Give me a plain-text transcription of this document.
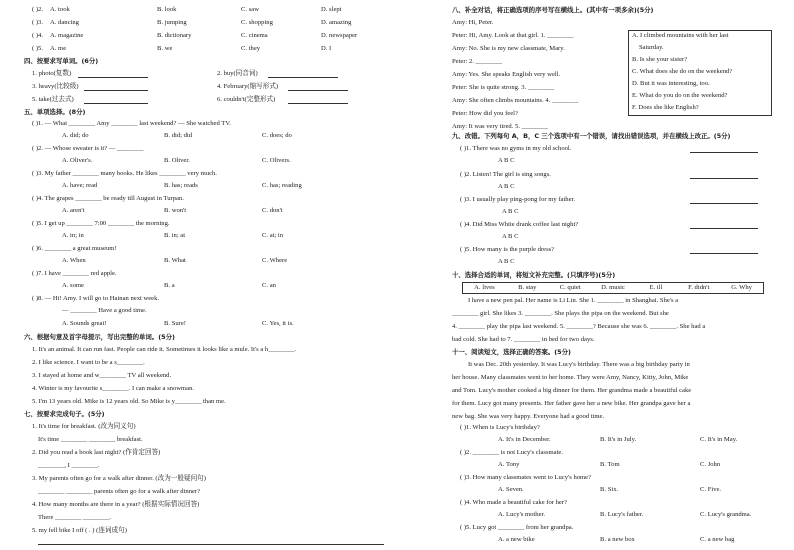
( )2. A. took	B. look	C. saw	D. slept
( )3. A. dancing	B. jumping	C. shopping	D. amazing
( )4. A. magazine	B. dictionary	C. cinema	D. newspaper
( )5. A. me	B. we	C. they	D. I
四、按要求写单词。(6分)
1. photo(复数)	2. buy(同音词)
3. heavy(比较级)	4. February(缩写形式)
5. take(过去式)	6. couldn't(完整形式)
五、单项选择。(8分)
( )1. — What ________ Amy ________ last weekend? — She watched TV.
A. did; do	B. did; did	C. does; do
( )2. — Whose sweater is it? — ________
A. Oliver's.	B. Oliver.	C. Olivers.
( )3. My father ________ many books. He likes ________ very much.
A. have; read	B. has; reads	C. has; reading
( )4. The grapes ________ be ready till August in Turpan.
A. aren't	B. won't	C. don't
( )5. I get up ________ 7:00 ________ the morning.
A. in; in	B. in; at	C. at; in
( )6. ________ a great museum!
A. When	B. What	C. Where
( )7. I have ________ red apple.
A. some	B. a	C. an
( )8. — Hi! Amy. I will go to Hainan next week.
— ________ Have a good time.
A. Sounds great!	B. Sure!	C. Yes, it is.
六、根据句意及首字母提示，写出完整的单词。(5分)
1. It's an animal. It can run fast. People can ride it. Sometimes it looks like a mule. It's a h________.
2. I like science. I want to be a s________.
3. I stayed at home and w________ TV all weekend.
4. Winter is my favourite s________. I can make a snowman.
5. I'm 13 years old. Mike is 12 years old. So Mike is y________ than me.
七、按要求完成句子。(5分)
1. It's time for breakfast. (改为同义句)
It's time ________ ________ breakfast.
2. Did you read a book last night? (作肯定回答)
________, I ________.
3. My parents often go for a walk after dinner. (改为一般疑问句)
________ ________ parents often go for a walk after dinner?
4. How many months are there in a year? (根据实际情况回答)
There ________ ________.
5. my fell bike I off ( . ) (连词成句)
八、补全对话，将正确选项的序号写在横线上。(其中有一项多余)(5分)
Amy: Hi, Peter.
Peter: Hi, Amy. Look at that girl. 1. ________
Amy: No. She is my new classmate, Mary.
Peter: 2. ________
Amy: Yes. She speaks English very well.
Peter: She is quite strong. 3. ________
Amy: She often climbs mountains. 4. ________
Peter: How did you feel?
Amy: It was very tired. 5. ________
A. I climbed mountains with her last
Saturday.
B. Is she your sister?
C. What does she do on the weekend?
D. But it was interesting, too.
E. What do you do on the weekend?
F. Does she like English?
九、改错。下列每句 A，B，C 三个选项中有一个错误，请找出错误选项，并在横线上改正。(5分)
( )1. There was no gyms in my old school.
A B C
( )2. Listen! The girl is sing songs.
A B C
( )3. I usually play ping-pong for my father.
A B C
( )4. Did Miss White drank coffee last night?
A B C
( )5. How many is the purple dress?
A B C
十、选择合适的单词，将短文补充完整。(只填序号)(5分)
A. lives	B. stay	C. quiet	D. music	E. ill	F. didn't	G. Why
I have a new pen pal. Her name is Li Lin. She 1. ________ in Shanghai. She's a
________ girl. She likes 3. ________. She plays the pipa on the weekend. But she
4. ________ play the pipa last weekend. 5. ________? Because she was 6. ________. She had a
bad cold. She had to 7. ________ in bed for two days.
十一、阅读短文，选择正确的答案。(5分)
It was Dec. 20th yesterday. It was Lucy's birthday. There was a big birthday party in
her house. Many classmates went to her home. They were Amy, Nancy, Kitty, John, Mike
and Tom. Lucy's mother cooked a big dinner for them. Her grandma made a beautiful cake
for them. Lucy got many presents. Her father gave her a new bike. Her grandpa gave her a
new bag. She was very happy. Everyone had a good time.
( )1. When is Lucy's birthday?
A. It's in December.	B. It's in July.	C. It's in May.
( )2. ________ is not Lucy's classmate.
A. Tony	B. Tom	C. John
( )3. How many classmates went to Lucy's home?
A. Seven.	B. Six.	C. Five.
( )4. Who made a beautiful cake for her?
A. Lucy's mother.	B. Lucy's father.	C. Lucy's grandma.
( )5. Lucy got ________ from her grandpa.
A. a new bike	B. a new box	C. a new bag
